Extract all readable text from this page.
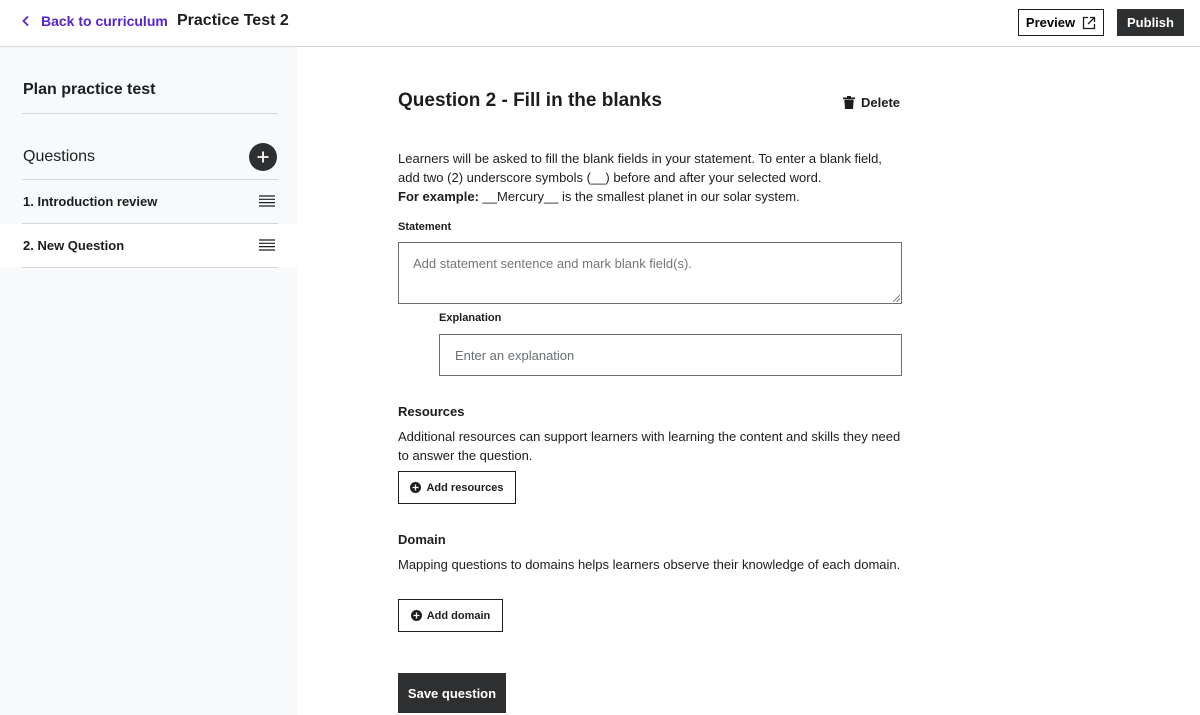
Back to curriculum Practice Test 2	Preview	Publish
Plan practice test
Questions
1. Introduction review
2. New Question
Question 2 - Fill in the blanks	Delete
Learners will be asked to fill the blank fields in your statement. To enter a blank field,
add two (2) underscore symbols (__) before and after your selected word.
For example: __Mercury__ is the smallest planet in our solar system.
Statement
Add statement sentence and mark blank field(s).
Explanation
Enter an explanation
Resources
Additional resources can support learners with learning the content and skills they need to answer the question.
Add resources
Domain
Mapping questions to domains helps learners observe their knowledge of each domain.
Add domain
Save question
